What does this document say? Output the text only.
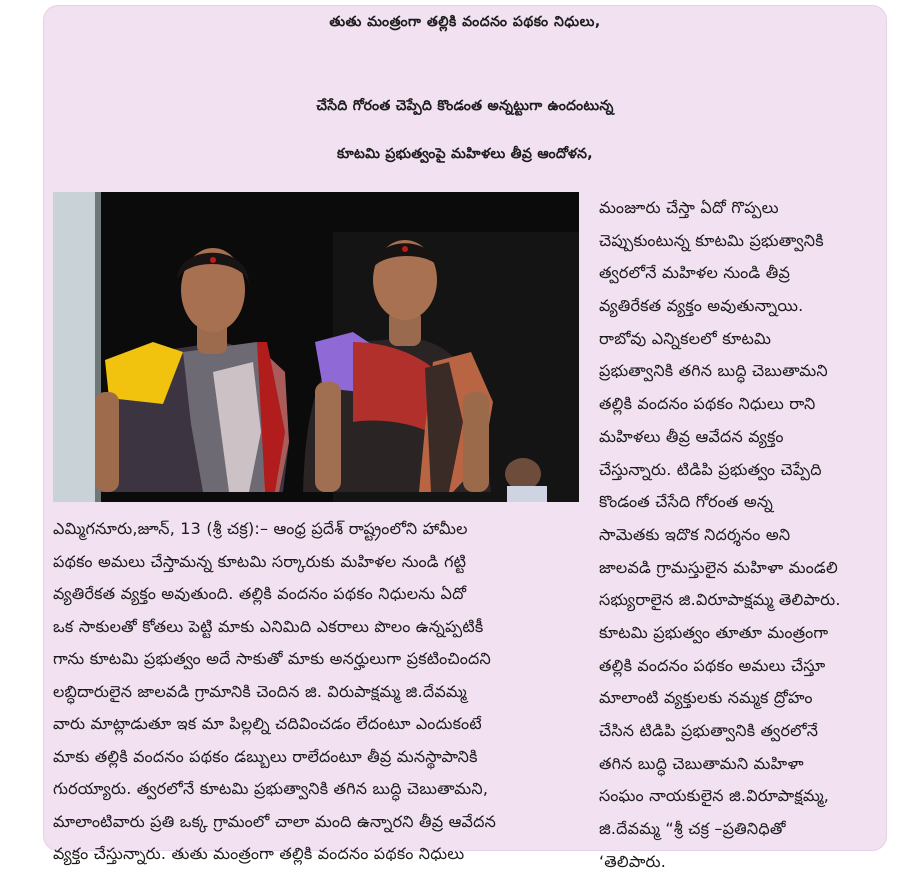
తుతు మంత్రంగా తల్లికి వందనం పథకం నిధులు,
చేసేది గోరంత చెప్పేది కొండంత అన్నట్టుగా ఉందంటున్న
కూటమి ప్రభుత్వంపై మహిళలు తీవ్ర ఆందోళన,
మంజూరు చేస్తా ఏదో గొప్పలు
చెప్పుకుంటున్న కూటమి ప్రభుత్వానికి
త్వరలోనే మహిళల నుండి తీవ్ర
వ్యతిరేకత వ్యక్తం అవుతున్నాయి.
రాబోవు ఎన్నికలలో కూటమి
ప్రభుత్వానికి తగిన బుద్ధి చెబుతామని
తల్లికి వందనం పథకం నిధులు రాని
మహిళలు తీవ్ర ఆవేదన వ్యక్తం
చేస్తున్నారు. టిడిపి ప్రభుత్వం చెప్పేది
కొండంత చేసేది గోరంత అన్న
సామెతకు ఇదొక నిదర్శనం అని
జాలవడి గ్రామస్తులైన మహిళా మండలి
సభ్యురాలైన జి.విరూపాక్షమ్మ తెలిపారు.
కూటమి ప్రభుత్వం తూతూ మంత్రంగా
తల్లికి వందనం పథకం అమలు చేస్తూ
మాలాంటి వ్యక్తులకు నమ్మక ద్రోహం
చేసిన టిడిపి ప్రభుత్వానికి త్వరలోనే
తగిన బుద్ధి చెబుతామని మహిళా
సంఘం నాయకులైన జి.విరూపాక్షమ్మ,
జి.దేవమ్మ “శ్రీ చక్ర –ప్రతినిధితో
‘తెలిపారు.
ఎమ్మిగనూరు,జూన్, 13 (శ్రీ చక్ర):– ఆంధ్ర ప్రదేశ్ రాష్ట్రంలోని హామీల
పథకం అమలు చేస్తామన్న కూటమి సర్కారుకు మహిళల నుండి గట్టి
వ్యతిరేకత వ్యక్తం అవుతుంది. తల్లికి వందనం పథకం నిధులను ఏదో
ఒక సాకులతో కోతలు పెట్టి మాకు ఎనిమిది ఎకరాలు పొలం ఉన్నప్పటికీ
గాను కూటమి ప్రభుత్వం అదే సాకుతో మాకు అనర్హులుగా ప్రకటించిందని
లబ్ధిదారులైన జాలవడి గ్రామానికి చెందిన జి. విరుపాక్షమ్మ జి.దేవమ్మ
వారు మాట్లాడుతూ ఇక మా పిల్లల్ని చదివించడం లేదంటూ ఎందుకంటే
మాకు తల్లికి వందనం పథకం డబ్బులు రాలేదంటూ తీవ్ర మనస్థాపానికి
గురయ్యారు. త్వరలోనే కూటమి ప్రభుత్వానికి తగిన బుద్ధి చెబుతామని,
మాలాంటివారు ప్రతి ఒక్క గ్రామంలో చాలా మంది ఉన్నారని తీవ్ర ఆవేదన
వ్యక్తం చేస్తున్నారు. తుతు మంత్రంగా తల్లికి వందనం పథకం నిధులు
